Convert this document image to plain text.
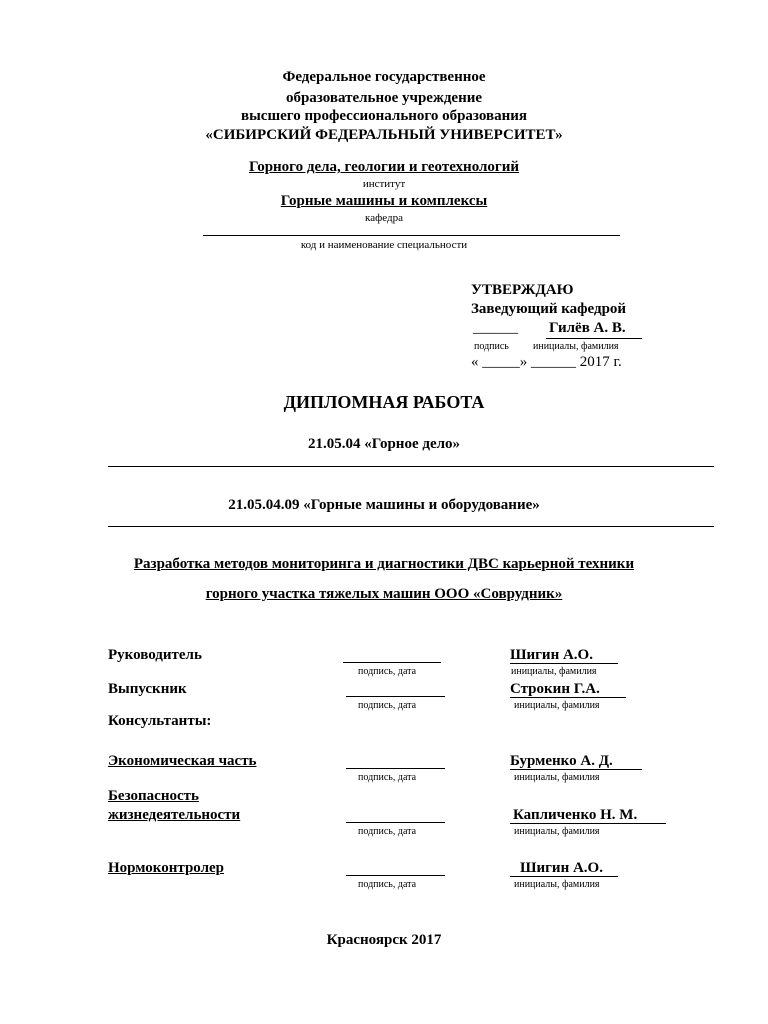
Федеральное государственное
образовательное учреждение
высшего профессионального образования
«СИБИРСКИЙ ФЕДЕРАЛЬНЫЙ УНИВЕРСИТЕТ»
Горного дела, геологии и геотехнологий
институт
Горные машины и комплексы
кафедра
код и наименование специальности
УТВЕРЖДАЮ
Заведующий кафедрой
______ Гилёв А. В.
подпись инициалы, фамилия
« _____» ______ 2017 г.
ДИПЛОМНАЯ РАБОТА
21.05.04 «Горное дело»
21.05.04.09 «Горные машины и оборудование»
Разработка методов мониторинга и диагностики ДВС карьерной техники
горного участка тяжелых машин ООО «Соврудник»
Руководитель	Шигин А.О.
подпись, дата	инициалы, фамилия
Выпускник	Строкин Г.А.
подпись, дата	инициалы, фамилия
Консультанты:
Экономическая часть	Бурменко А. Д.
подпись, дата	инициалы, фамилия
Безопасность
жизнедеятельности	Капличенко Н. М.
подпись, дата	инициалы, фамилия
Нормоконтролер	Шигин А.О.
подпись, дата	инициалы, фамилия
Красноярск 2017
